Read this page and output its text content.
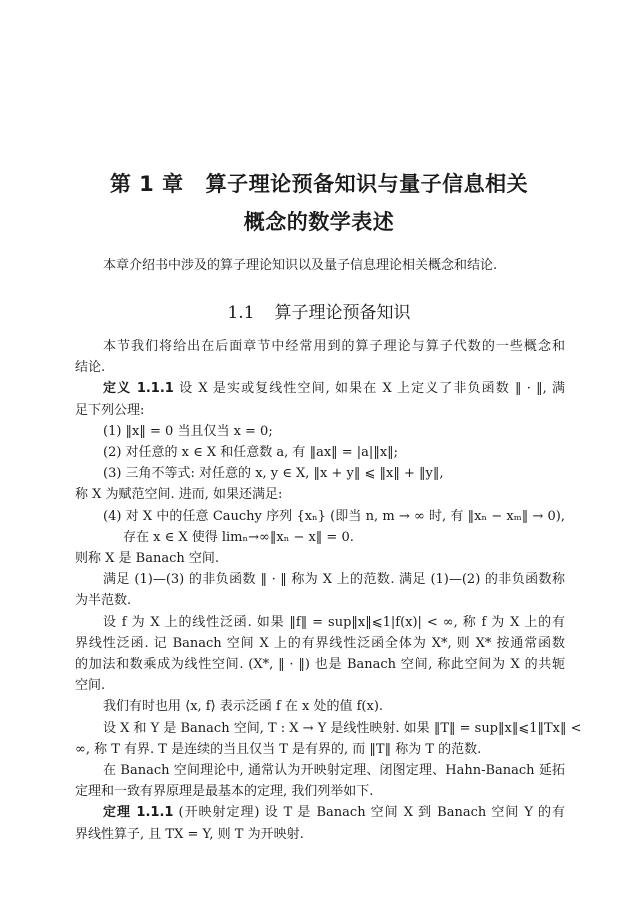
第 1 章 算子理论预备知识与量子信息相关
概念的数学表述
本章介绍书中涉及的算子理论知识以及量子信息理论相关概念和结论.
1.1 算子理论预备知识
本节我们将给出在后面章节中经常用到的算子理论与算子代数的一些概念和
结论.
定义 1.1.1 设 X 是实或复线性空间, 如果在 X 上定义了非负函数 ‖ · ‖, 满
足下列公理:
(1) ‖x‖ = 0 当且仅当 x = 0;
(2) 对任意的 x ∈ X 和任意数 a, 有 ‖ax‖ = |a|‖x‖;
(3) 三角不等式: 对任意的 x, y ∈ X, ‖x + y‖ ⩽ ‖x‖ + ‖y‖,
称 X 为赋范空间. 进而, 如果还满足:
(4) 对 X 中的任意 Cauchy 序列 {xₙ} (即当 n, m → ∞ 时, 有 ‖xₙ − xₘ‖ → 0),
存在 x ∈ X 使得 limₙ→∞‖xₙ − x‖ = 0.
则称 X 是 Banach 空间.
满足 (1)—(3) 的非负函数 ‖ · ‖ 称为 X 上的范数. 满足 (1)—(2) 的非负函数称
为半范数.
设 f 为 X 上的线性泛函. 如果 ‖f‖ = sup‖x‖⩽1|f(x)| < ∞, 称 f 为 X 上的有
界线性泛函. 记 Banach 空间 X 上的有界线性泛函全体为 X*, 则 X* 按通常函数
的加法和数乘成为线性空间. (X*, ‖ · ‖) 也是 Banach 空间, 称此空间为 X 的共轭
空间.
我们有时也用 ⟨x, f⟩ 表示泛函 f 在 x 处的值 f(x).
设 X 和 Y 是 Banach 空间, T : X → Y 是线性映射. 如果 ‖T‖ = sup‖x‖⩽1‖Tx‖ <
∞, 称 T 有界. T 是连续的当且仅当 T 是有界的, 而 ‖T‖ 称为 T 的范数.
在 Banach 空间理论中, 通常认为开映射定理、闭图定理、Hahn-Banach 延拓
定理和一致有界原理是最基本的定理, 我们列举如下.
定理 1.1.1 (开映射定理) 设 T 是 Banach 空间 X 到 Banach 空间 Y 的有
界线性算子, 且 TX = Y, 则 T 为开映射.
